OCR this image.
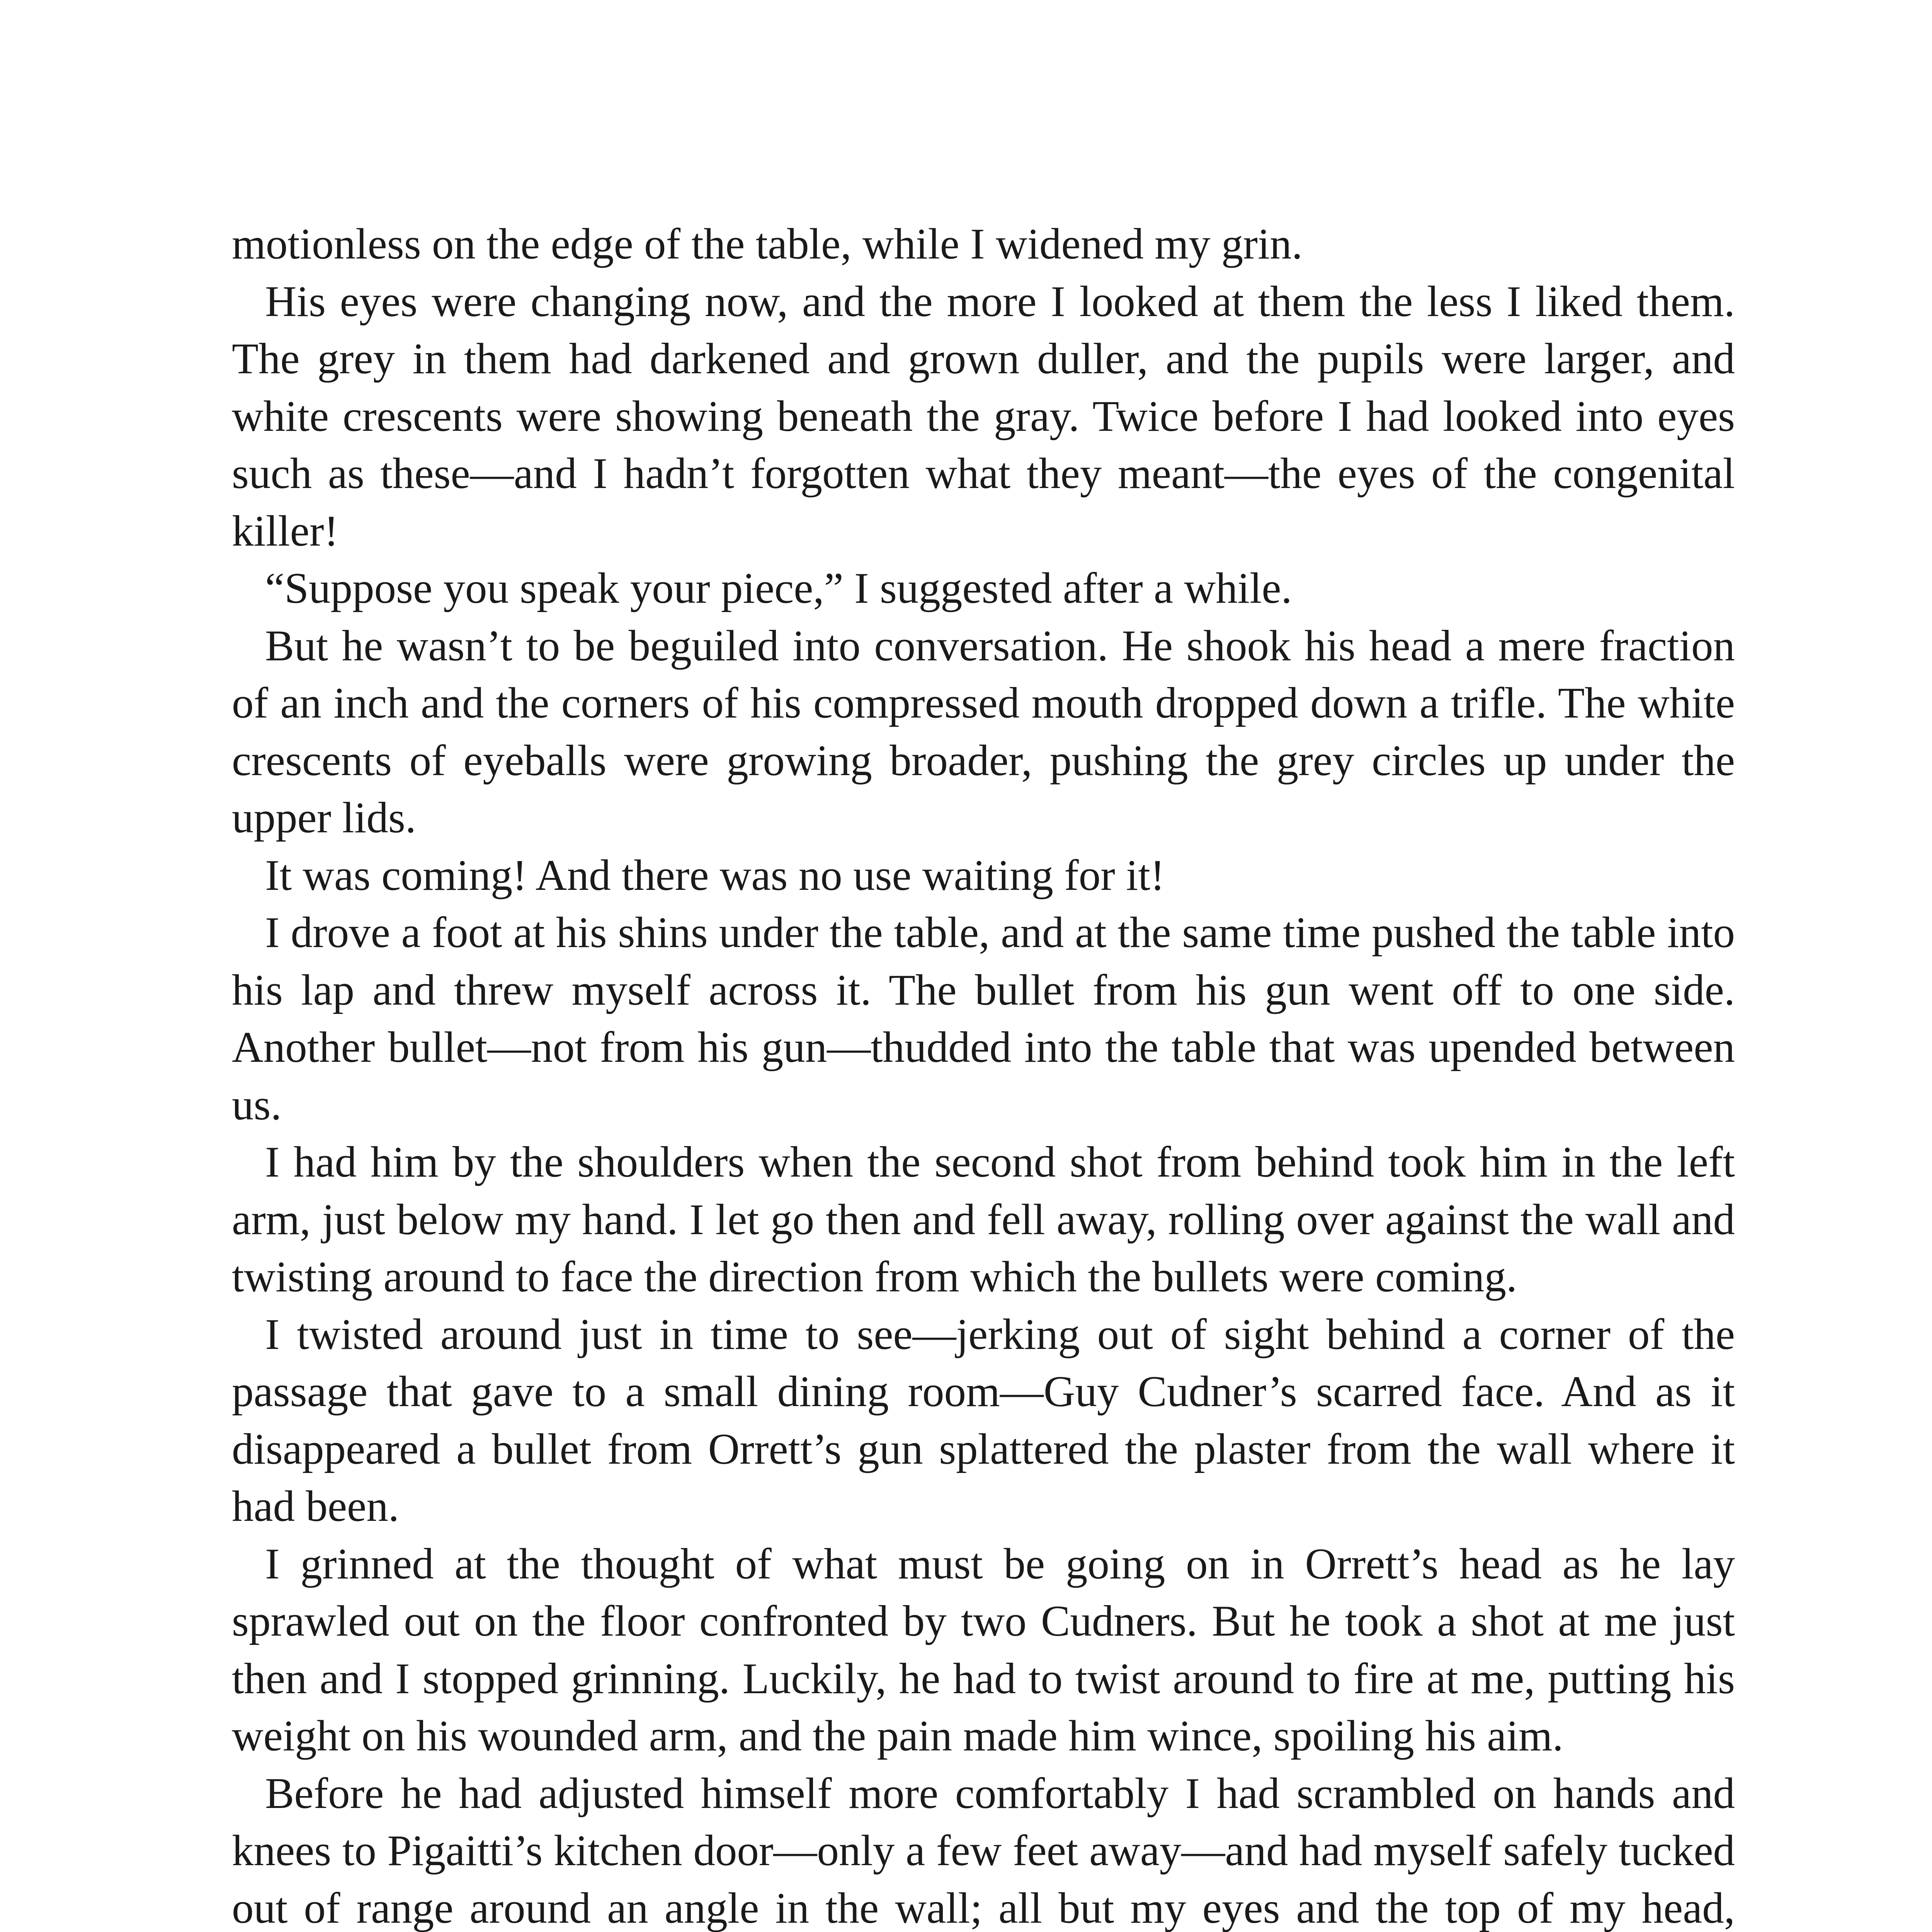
motionless on the edge of the table, while I widened my grin.

His eyes were changing now, and the more I looked at them the less I liked them. The grey in them had darkened and grown duller, and the pupils were larger, and white crescents were showing beneath the gray. Twice before I had looked into eyes such as these—and I hadn’t forgotten what they meant—the eyes of the congenital killer!

“Suppose you speak your piece,” I suggested after a while.

But he wasn’t to be beguiled into conversation. He shook his head a mere fraction of an inch and the corners of his compressed mouth dropped down a trifle. The white crescents of eyeballs were growing broader, pushing the grey circles up under the upper lids.

It was coming! And there was no use waiting for it!

I drove a foot at his shins under the table, and at the same time pushed the table into his lap and threw myself across it. The bullet from his gun went off to one side. Another bullet—not from his gun—thudded into the table that was upended between us.

I had him by the shoulders when the second shot from behind took him in the left arm, just below my hand. I let go then and fell away, rolling over against the wall and twisting around to face the direction from which the bullets were coming.

I twisted around just in time to see—jerking out of sight behind a corner of the passage that gave to a small dining room—Guy Cudner’s scarred face. And as it disappeared a bullet from Orrett’s gun splattered the plaster from the wall where it had been.

I grinned at the thought of what must be going on in Orrett’s head as he lay sprawled out on the floor confronted by two Cudners. But he took a shot at me just then and I stopped grinning. Luckily, he had to twist around to fire at me, putting his weight on his wounded arm, and the pain made him wince, spoiling his aim.

Before he had adjusted himself more comfortably I had scrambled on hands and knees to Pigaitti’s kitchen door—only a few feet away—and had myself safely tucked out of range around an angle in the wall; all but my eyes and the top of my head,
